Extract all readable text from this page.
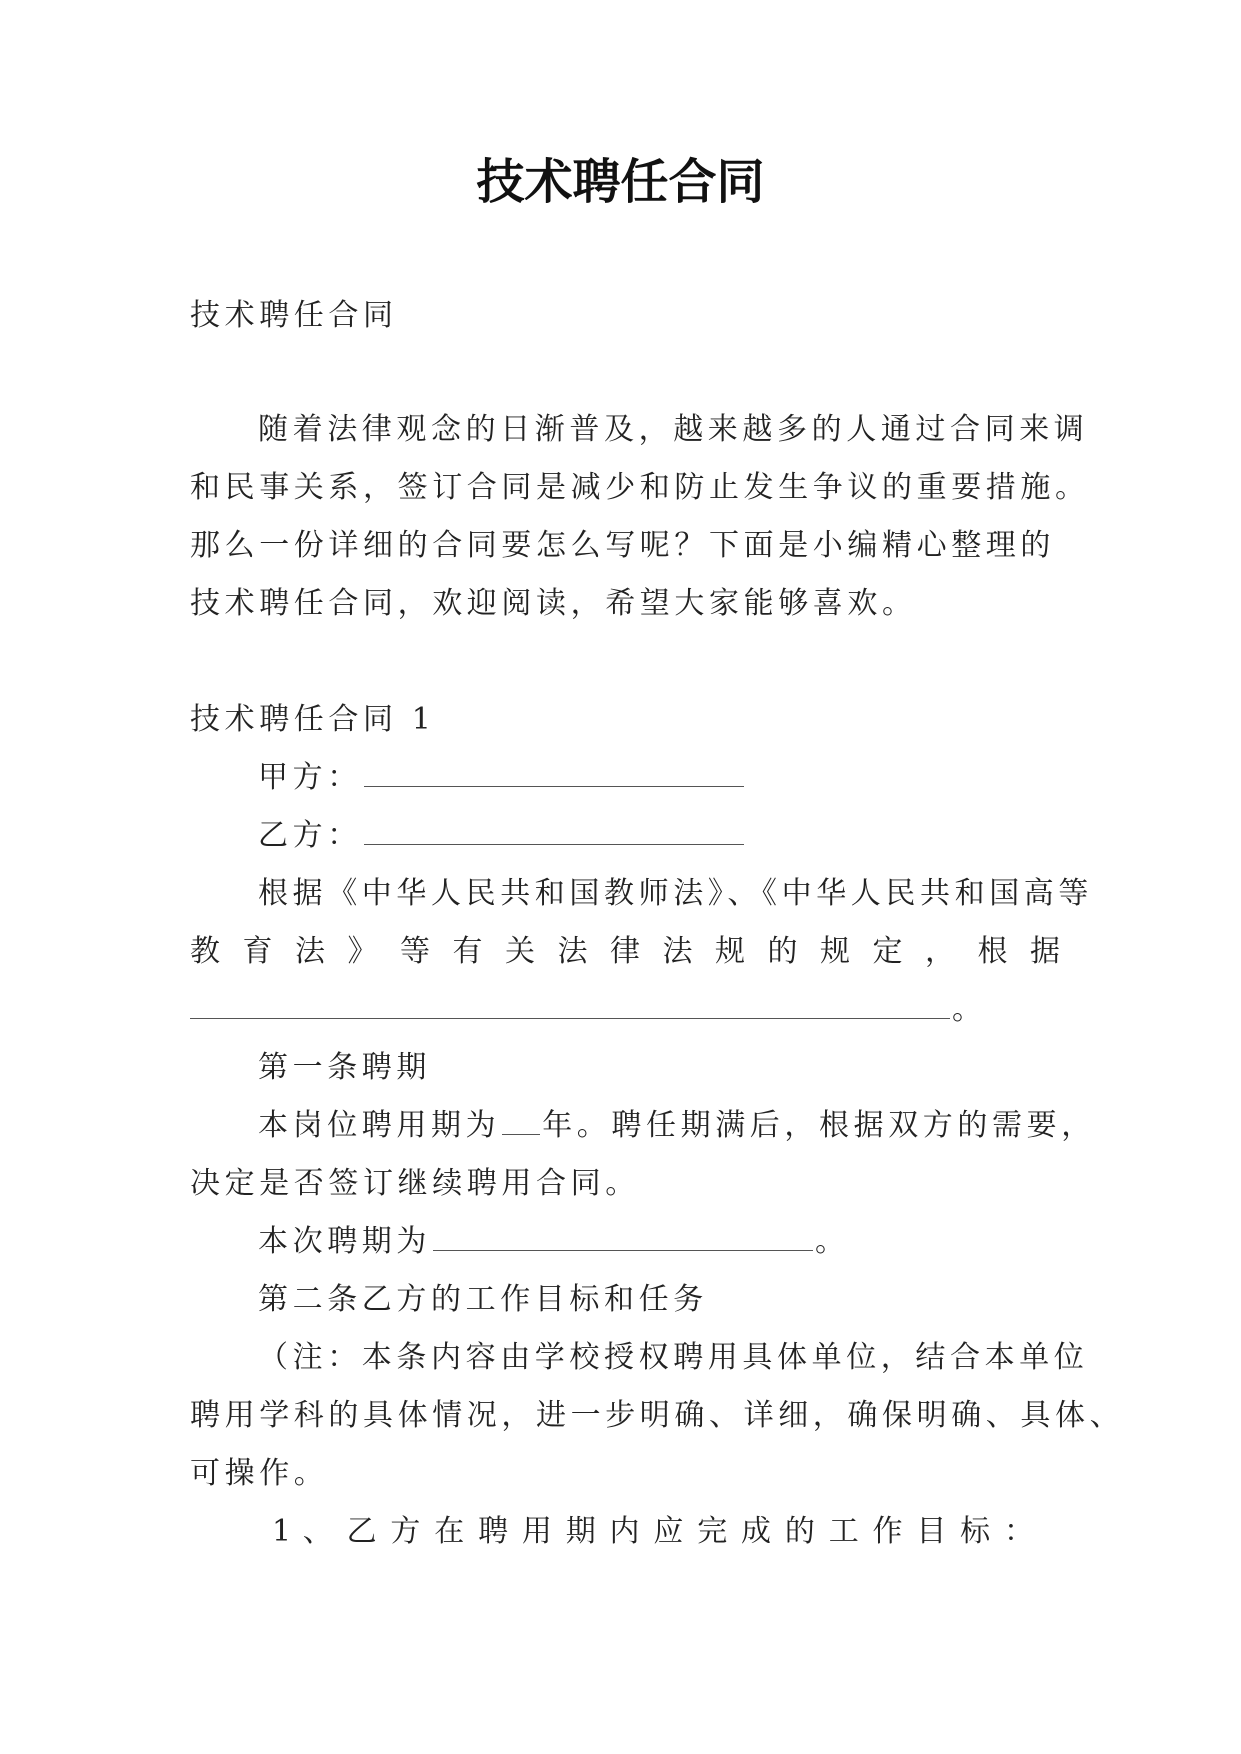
技术聘任合同
技术聘任合同
随着法律观念的日渐普及，越来越多的人通过合同来调
和民事关系，签订合同是减少和防止发生争议的重要措施。
那么一份详细的合同要怎么写呢？下面是小编精心整理的
技术聘任合同，欢迎阅读，希望大家能够喜欢。
技术聘任合同 1
甲方：
乙方：
根据《中华人民共和国教师法》、《中华人民共和国高等
教 育 法 》 等 有 关 法 律 法 规 的 规 定 ， 根 据
。
第一条聘期
本岗位聘用期为 年。聘任期满后，根据双方的需要，
决定是否签订继续聘用合同。
本次聘期为	。
第二条乙方的工作目标和任务
（注：本条内容由学校授权聘用具体单位，结合本单位
聘用学科的具体情况，进一步明确、详细，确保明确、具体、
可操作。
1 、 乙 方 在 聘 用 期 内 应 完 成 的 工 作 目 标 ：
